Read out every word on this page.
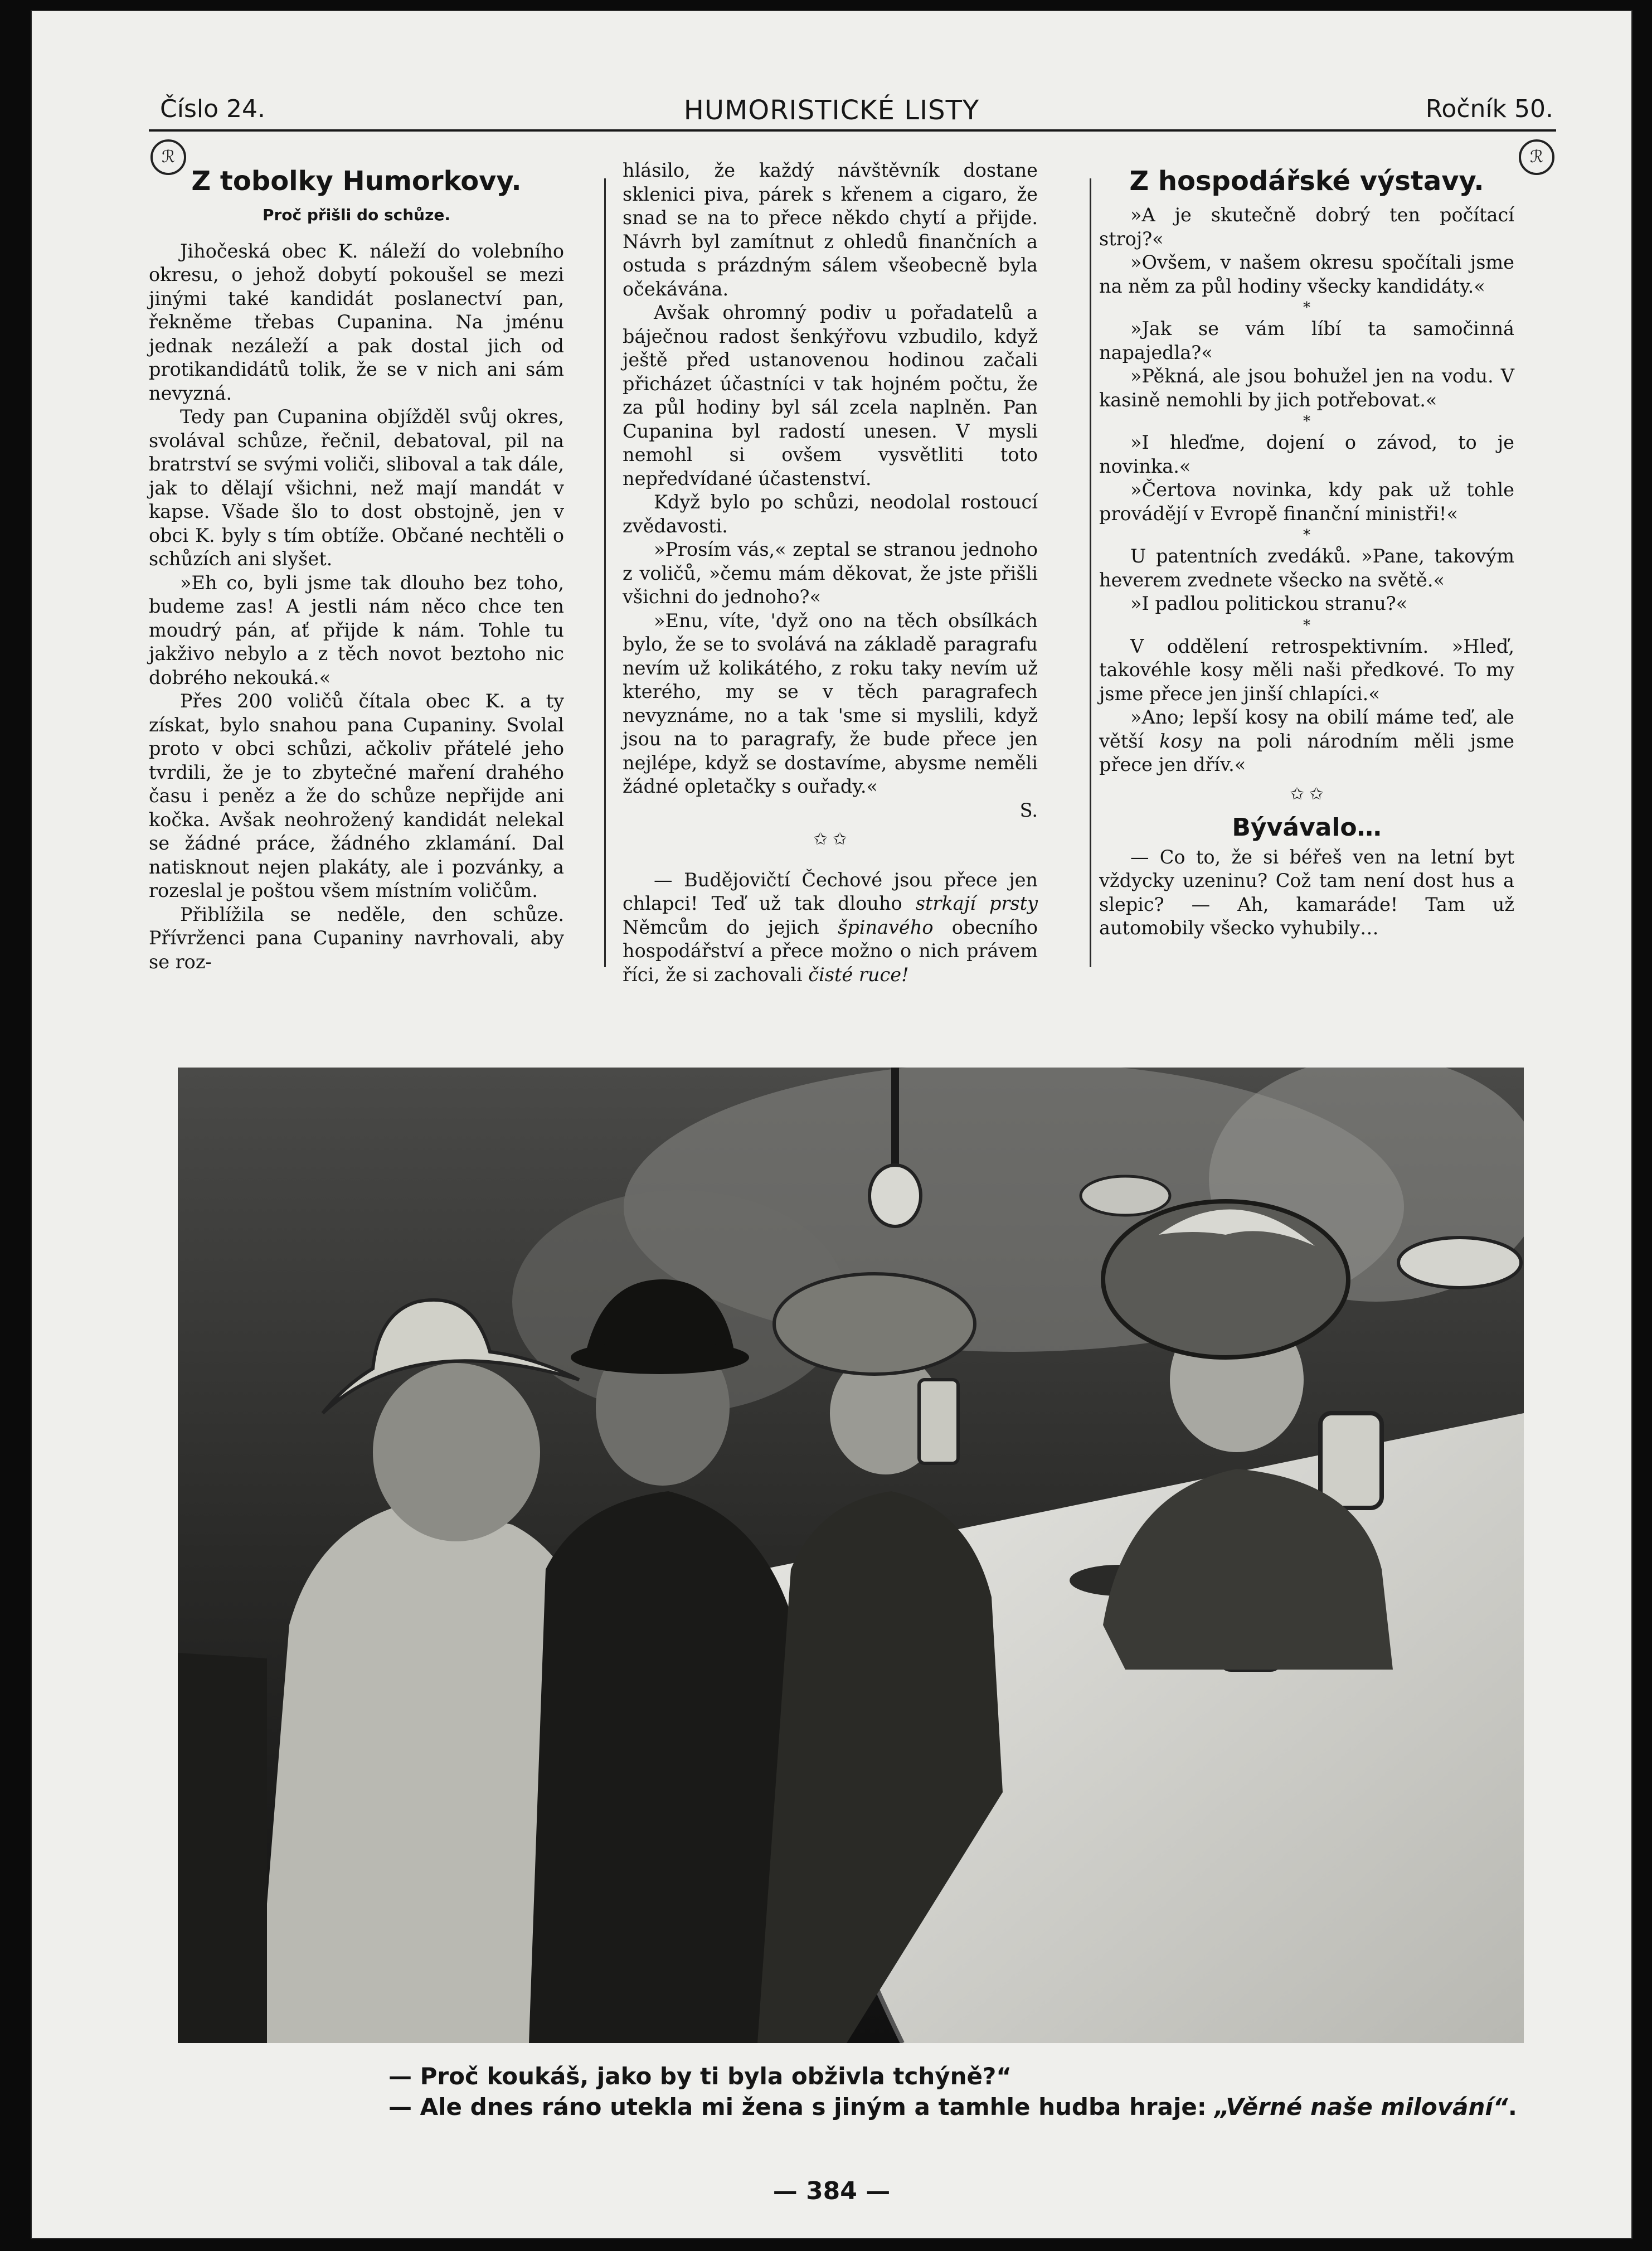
Číslo 24.	HUMORISTICKÉ LISTY	Ročník 50.
ℛ	ℛ
Z tobolky Humorkovy.
Proč přišli do schůze.

Jihočeská obec K. náleží do volebního okresu, o jehož dobytí pokoušel se mezi jinými také kandidát poslanectví pan, řekněme třebas Cupanina. Na jménu jednak nezáleží a pak dostal jich od protikandidátů tolik, že se v nich ani sám nevyzná.

Tedy pan Cupanina objížděl svůj okres, svolával schůze, řečnil, debatoval, pil na bratrství se svými voliči, sliboval a tak dále, jak to dělají všichni, než mají mandát v kapse. Všade šlo to dost obstojně, jen v obci K. byly s tím obtíže. Občané nechtěli o schůzích ani slyšet.

»Eh co, byli jsme tak dlouho bez toho, budeme zas! A jestli nám něco chce ten moudrý pán, ať přijde k nám. Tohle tu jakživo nebylo a z těch novot beztoho nic dobrého nekouká.«

Přes 200 voličů čítala obec K. a ty získat, bylo snahou pana Cupaniny. Svolal proto v obci schůzi, ačkoliv přátelé jeho tvrdili, že je to zbytečné maření drahého času i peněz a že do schůze nepřijde ani kočka. Avšak neohrožený kandidát nelekal se žádné práce, žádného zklamání. Dal natisknout nejen plakáty, ale i pozvánky, a rozeslal je poštou všem místním voličům.

Přiblížila se neděle, den schůze. Přívrženci pana Cupaniny navrhovali, aby se roz-

hlásilo, že každý návštěvník dostane sklenici piva, párek s křenem a cigaro, že snad se na to přece někdo chytí a přijde. Návrh byl zamítnut z ohledů finančních a ostuda s prázdným sálem všeobecně byla očekávána.

Avšak ohromný podiv u pořadatelů a báječnou radost šenkýřovu vzbudilo, když ještě před ustanovenou hodinou začali přicházet účastníci v tak hojném počtu, že za půl hodiny byl sál zcela naplněn. Pan Cupanina byl radostí unesen. V mysli nemohl si ovšem vysvětliti toto nepředvídané účastenství.

Když bylo po schůzi, neodolal rostoucí zvědavosti.

»Prosím vás,« zeptal se stranou jednoho z voličů, »čemu mám děkovat, že jste přišli všichni do jednoho?«

»Enu, víte, 'dyž ono na těch obsílkách bylo, že se to svolává na základě paragrafu nevím už kolikátého, z roku taky nevím už kterého, my se v těch paragrafech nevyznáme, no a tak 'sme si myslili, když jsou na to paragrafy, že bude přece jen nejlépe, když se dostavíme, abysme neměli žádné opletačky s ouřady.«

S.
✩ ✩

— Budějovičtí Čechové jsou přece jen chlapci! Teď už tak dlouho strkají prsty Němcům do jejich špinavého obecního hospodářství a přece možno o nich právem říci, že si zachovali čisté ruce!

Z hospodářské výstavy.

»A je skutečně dobrý ten počítací stroj?«

»Ovšem, v našem okresu spočítali jsme na něm za půl hodiny všecky kandidáty.«

*

»Jak se vám líbí ta samočinná napajedla?«

»Pěkná, ale jsou bohužel jen na vodu. V kasině nemohli by jich potřebovat.«

*

»I hleďme, dojení o závod, to je novinka.«

»Čertova novinka, kdy pak už tohle provádějí v Evropě finanční ministři!«

*

U patentních zvedáků. »Pane, takovým heverem zvednete všecko na světě.«

»I padlou politickou stranu?«

*

V oddělení retrospektivním. »Hleď, takovéhle kosy měli naši předkové. To my jsme přece jen jinší chlapíci.«

»Ano; lepší kosy na obilí máme teď, ale větší kosy na poli národním měli jsme přece jen dřív.«

✩ ✩
Bývávalo…

— Co to, že si béřeš ven na letní byt vždycky uzeninu? Což tam není dost hus a slepic? — Ah, kamaráde! Tam už automobily všecko vyhubily…

— Proč koukáš, jako by ti byla obživla tchýně?“
— Ale dnes ráno utekla mi žena s jiným a tamhle hudba hraje: „Věrné naše milování“.
— 384 —
